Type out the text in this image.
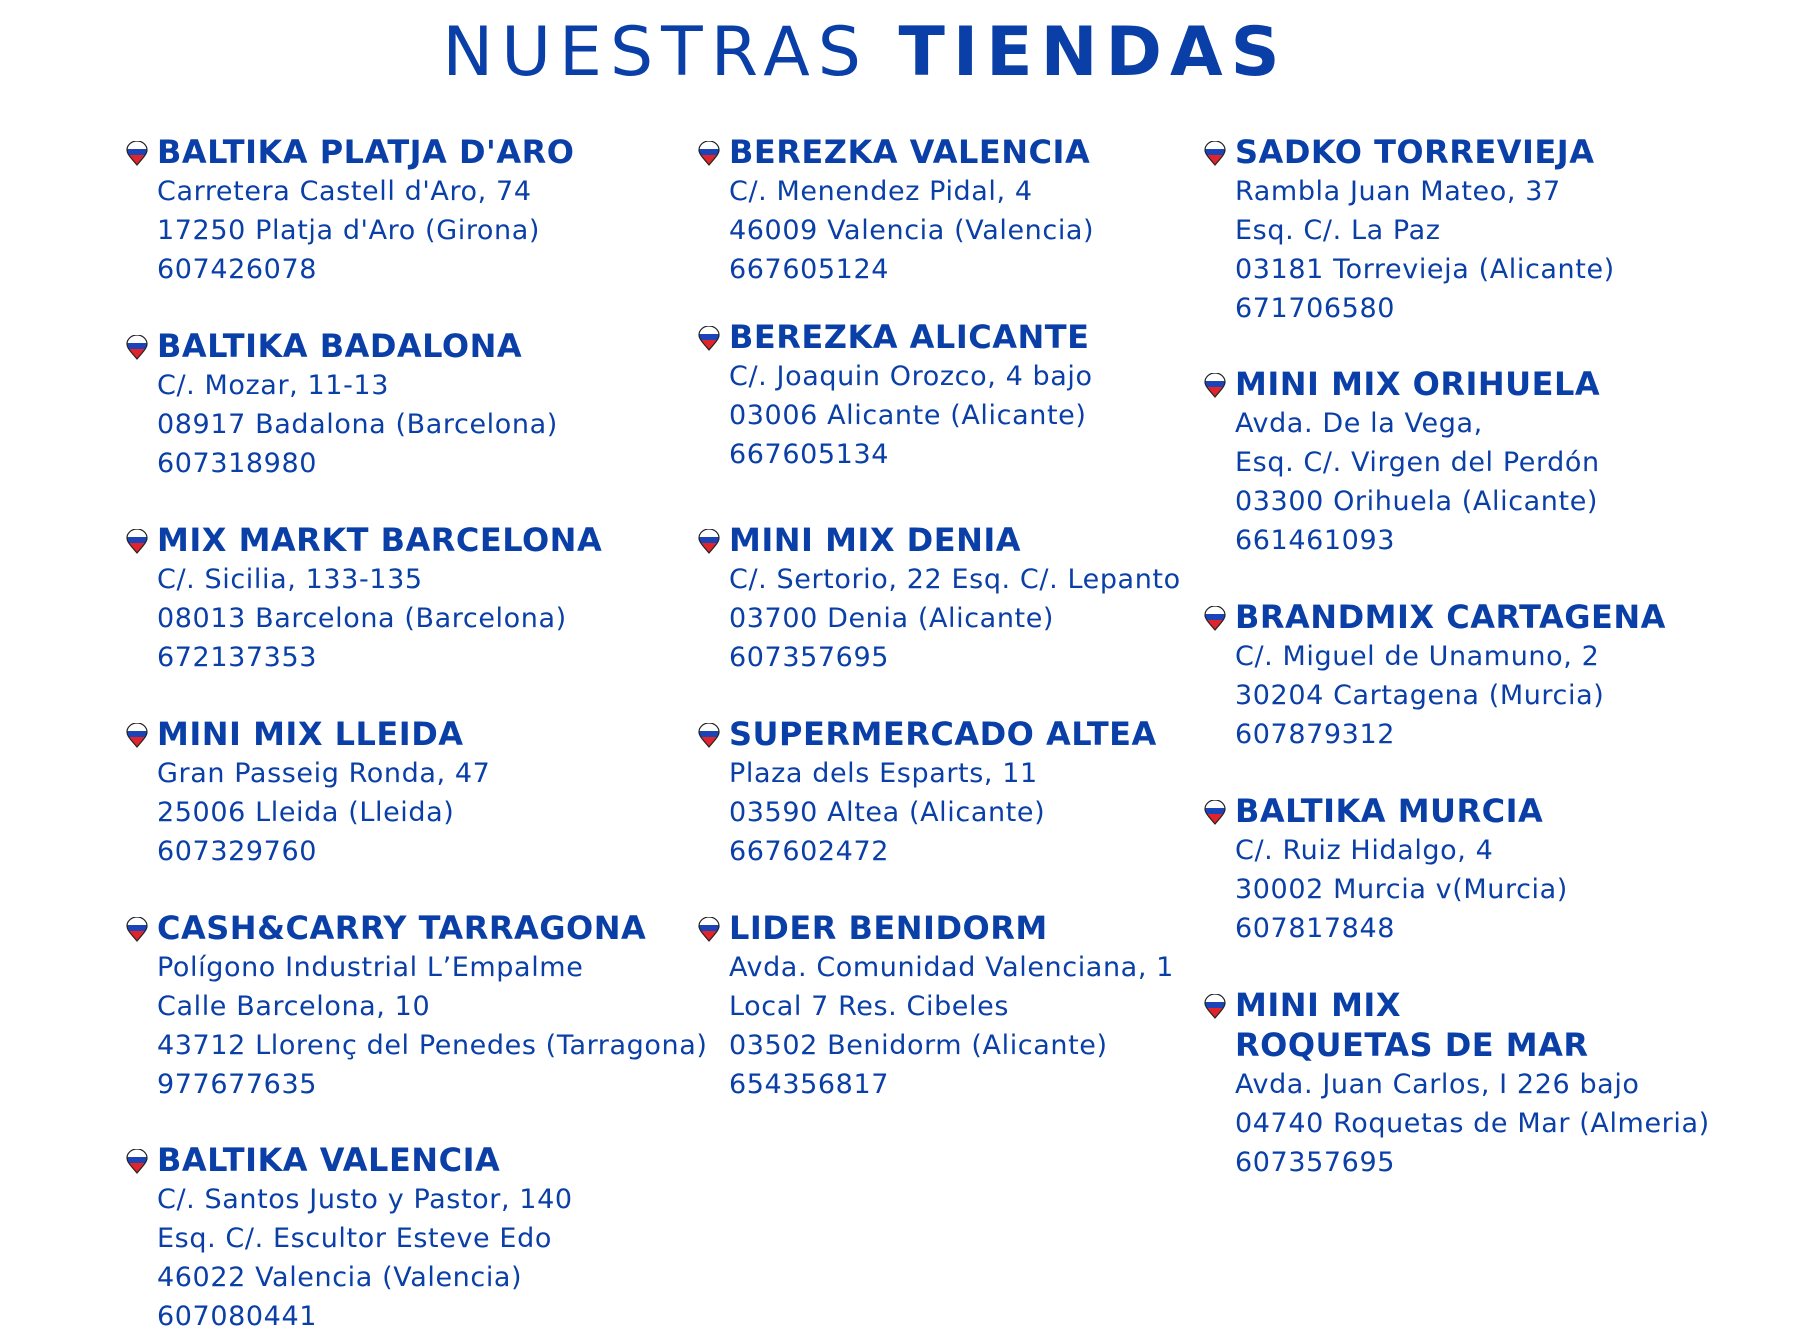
NUESTRAS TIENDAS
BALTIKA PLATJA D'ARO
Carretera Castell d'Aro, 74
17250 Platja d'Aro (Girona)
607426078
BALTIKA BADALONA
C/. Mozar, 11-13
08917 Badalona (Barcelona)
607318980
MIX MARKT BARCELONA
C/. Sicilia, 133-135
08013 Barcelona (Barcelona)
672137353
MINI MIX LLEIDA
Gran Passeig Ronda, 47
25006 Lleida (Lleida)
607329760
CASH&CARRY TARRAGONA
Polígono Industrial L’Empalme
Calle Barcelona, 10
43712 Llorenç del Penedes (Tarragona)
977677635
BALTIKA VALENCIA
C/. Santos Justo y Pastor, 140
Esq. C/. Escultor Esteve Edo
46022 Valencia (Valencia)
607080441
BEREZKA VALENCIA
C/. Menendez Pidal, 4
46009 Valencia (Valencia)
667605124
BEREZKA ALICANTE
C/. Joaquin Orozco, 4 bajo
03006 Alicante (Alicante)
667605134
MINI MIX DENIA
C/. Sertorio, 22 Esq. C/. Lepanto
03700 Denia (Alicante)
607357695
SUPERMERCADO ALTEA
Plaza dels Esparts, 11
03590 Altea (Alicante)
667602472
LIDER BENIDORM
Avda. Comunidad Valenciana, 1
Local 7 Res. Cibeles
03502 Benidorm (Alicante)
654356817
SADKO TORREVIEJA
Rambla Juan Mateo, 37
Esq. C/. La Paz
03181 Torrevieja (Alicante)
671706580
MINI MIX ORIHUELA
Avda. De la Vega,
Esq. C/. Virgen del Perdón
03300 Orihuela (Alicante)
661461093
BRANDMIX CARTAGENA
C/. Miguel de Unamuno, 2
30204 Cartagena (Murcia)
607879312
BALTIKA MURCIA
C/. Ruiz Hidalgo, 4
30002 Murcia v(Murcia)
607817848
MINI MIX
ROQUETAS DE MAR
Avda. Juan Carlos, I 226 bajo
04740 Roquetas de Mar (Almeria)
607357695
